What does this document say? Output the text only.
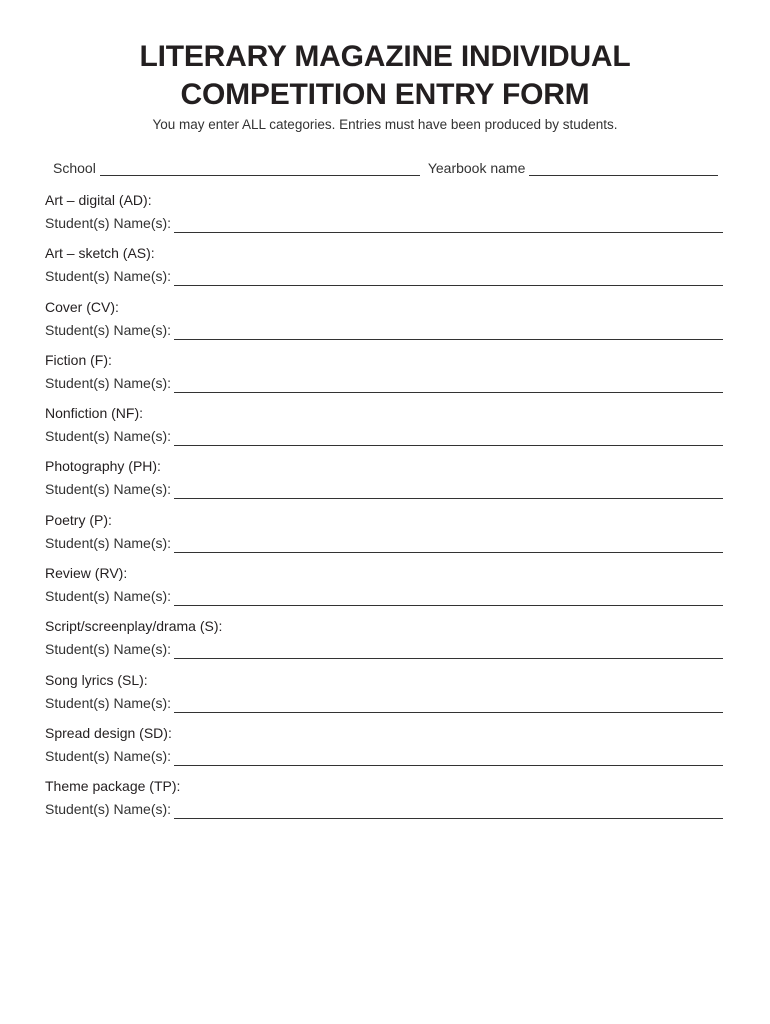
LITERARY MAGAZINE INDIVIDUAL
COMPETITION ENTRY FORM
You may enter ALL categories. Entries must have been produced by students.
School	Yearbook name
Art – digital (AD):
Student(s) Name(s):
Art – sketch (AS):
Student(s) Name(s):
Cover (CV):
Student(s) Name(s):
Fiction (F):
Student(s) Name(s):
Nonfiction (NF):
Student(s) Name(s):
Photography (PH):
Student(s) Name(s):
Poetry (P):
Student(s) Name(s):
Review (RV):
Student(s) Name(s):
Script/screenplay/drama (S):
Student(s) Name(s):
Song lyrics (SL):
Student(s) Name(s):
Spread design (SD):
Student(s) Name(s):
Theme package (TP):
Student(s) Name(s):
